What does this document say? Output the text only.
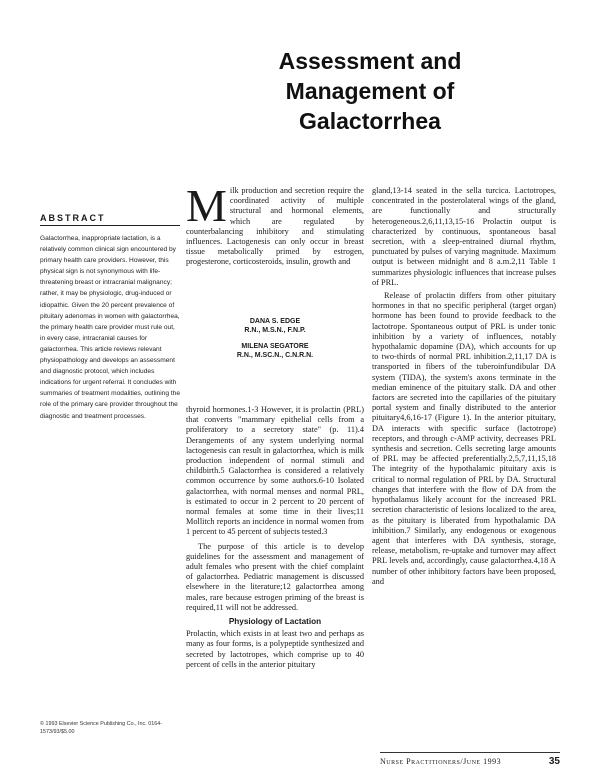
Assessment and
Management of
Galactorrhea
ABSTRACT
Galactorrhea, inappropriate lactation, is a relatively common clinical sign encountered by primary health care providers. However, this physical sign is not synonymous with life-threatening breast or intracranial malignancy; rather, it may be physiologic, drug-induced or idiopathic. Given the 20 percent prevalence of pituitary adenomas in women with galactorrhea, the primary health care provider must rule out, in every case, intracranial causes for galactorrhea. This article reviews relevant physiopathology and develops an assessment and diagnostic protocol, which includes indications for urgent referral. It concludes with summaries of treatment modalities, outlining the role of the primary care provider throughout the diagnostic and treatment processes.
© 1993 Elsevier Science Publishing Co., Inc. 0164-1573/93/$5.00

Milk production and secretion require the coordinated activity of multiple structural and hormonal elements, which are regulated by counterbalancing inhibitory and stimulating influences. Lactogenesis can only occur in breast tissue metabolically primed by estrogen, progesterone, corticosteroids, insulin, growth and

DANA S. EDGE
R.N., M.S.N., F.N.P.
MILENA SEGATORE
R.N., M.SC.N., C.N.R.N.

thyroid hormones.1-3 However, it is prolactin (PRL) that converts "mammary epithelial cells from a proliferatory to a secretory state" (p. 11).4 Derangements of any system underlying normal lactogenesis can result in galactorrhea, which is milk production independent of normal stimuli and childbirth.5 Galactorrhea is considered a relatively common occurrence by some authors.6-10 Isolated galactorrhea, with normal menses and normal PRL, is estimated to occur in 2 percent to 20 percent of normal females at some time in their lives;11 Mollitch reports an incidence in normal women from 1 percent to 45 percent of subjects tested.3

The purpose of this article is to develop guidelines for the assessment and management of adult females who present with the chief complaint of galactorrhea. Pediatric management is discussed elsewhere in the literature;12 galactorrhea among males, rare because estrogen priming of the breast is required,11 will not be addressed.

Physiology of Lactation

Prolactin, which exists in at least two and perhaps as many as four forms, is a polypeptide synthesized and secreted by lactotropes, which comprise up to 40 percent of cells in the anterior pituitary

gland,13-14 seated in the sella turcica. Lactotropes, concentrated in the posterolateral wings of the gland, are functionally and structurally heterogeneous.2,6,11,13,15-16 Prolactin output is characterized by continuous, spontaneous basal secretion, with a sleep-entrained diurnal rhythm, punctuated by pulses of varying magnitude. Maximum output is between midnight and 8 a.m.2,11 Table 1 summarizes physiologic influences that increase pulses of PRL.

Release of prolactin differs from other pituitary hormones in that no specific peripheral (target organ) hormone has been found to provide feedback to the lactotrope. Spontaneous output of PRL is under tonic inhibition by a variety of influences, notably hypothalamic dopamine (DA), which accounts for up to two-thirds of normal PRL inhibition.2,11,17 DA is transported in fibers of the tuberoinfundibular DA system (TIDA), the system's axons terminate in the median eminence of the pituitary stalk. DA and other factors are secreted into the capillaries of the pituitary portal system and finally distributed to the anterior pituitary4,6,16-17 (Figure 1). In the anterior pituitary, DA interacts with specific surface (lactotrope) receptors, and through c-AMP activity, decreases PRL synthesis and secretion. Cells secreting large amounts of PRL may be affected preferentially.2,5,7,11,15,18 The integrity of the hypothalamic pituitary axis is critical to normal regulation of PRL by DA. Structural changes that interfere with the flow of DA from the hypothalamus likely account for the increased PRL secretion characteristic of lesions localized to the area, as the pituitary is liberated from hypothalamic DA inhibition.7 Similarly, any endogenous or exogenous agent that interferes with DA synthesis, storage, release, metabolism, re-uptake and turnover may affect PRL levels and, accordingly, cause galactorrhea.4,18 A number of other inhibitory factors have been proposed, and

Nurse Practitioners/June 1993	35
